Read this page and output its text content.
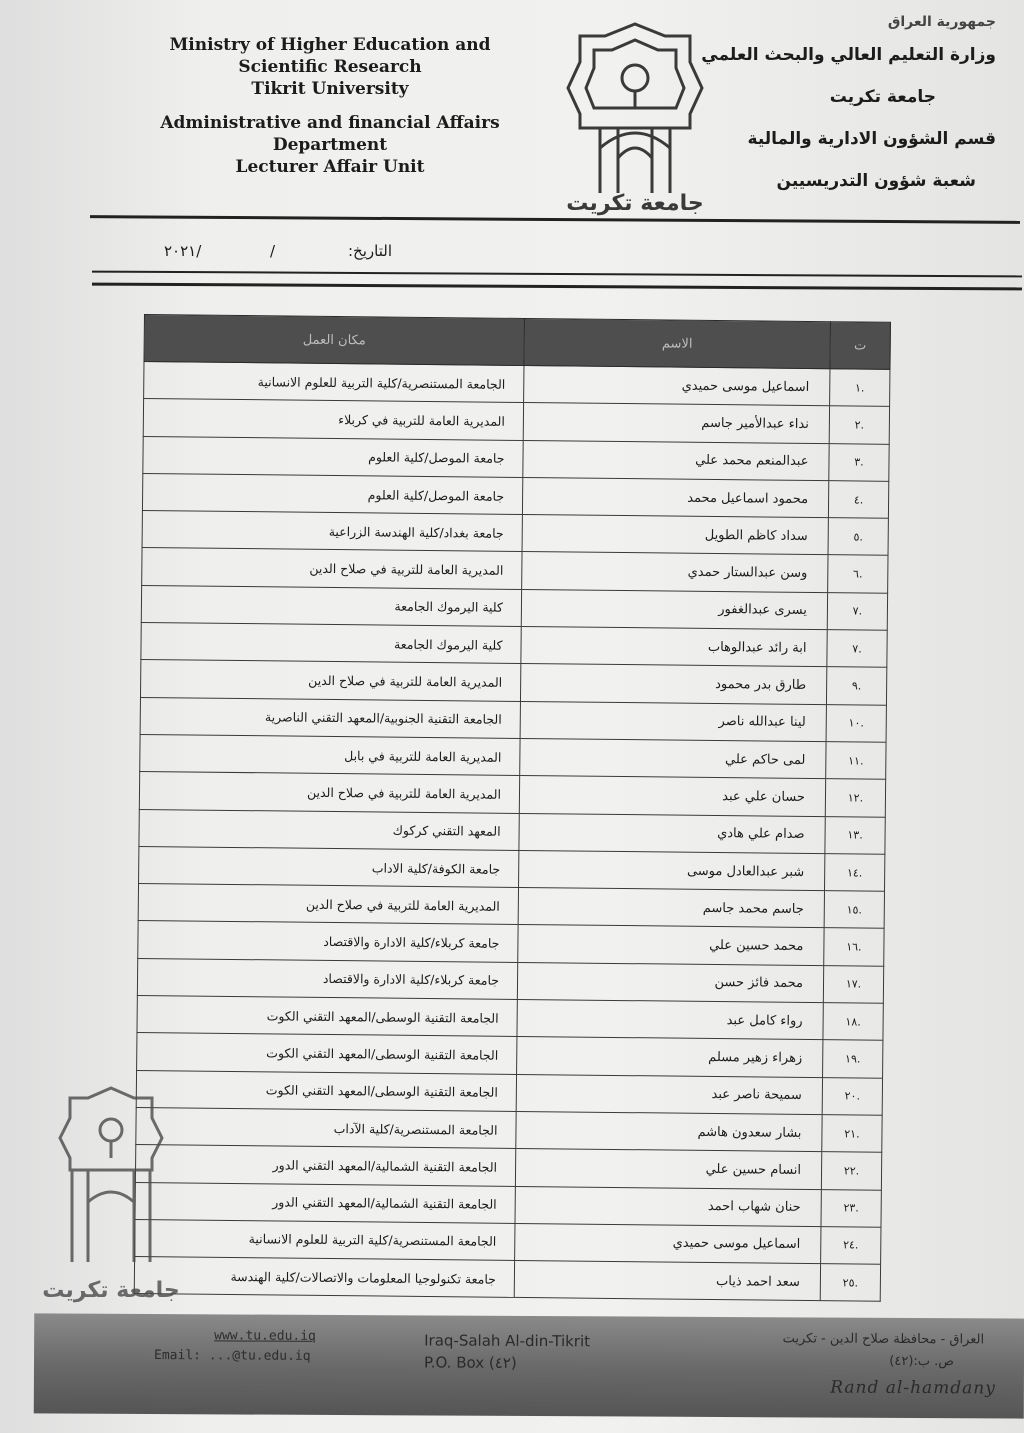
Ministry of Higher Education and
Scientific Research
Tikrit University
Administrative and financial Affairs
Department
Lecturer Affair Unit
جامعة تكريت
جمهورية العراق
وزارة التعليم العالي والبحث العلمي
جامعة تكريت
قسم الشؤون الادارية والمالية
شعبة شؤون التدريسيين
٢٠٢١/	/	التاريخ:
مكان العمل	الاسم	ت
الجامعة المستنصرية/كلية التربية للعلوم الانسانية	اسماعيل موسى حميدي	١.
المديرية العامة للتربية في كربلاء	نداء عبدالأمير جاسم	٢.
جامعة الموصل/كلية العلوم	عبدالمنعم محمد علي	٣.
جامعة الموصل/كلية العلوم	محمود اسماعيل محمد	٤.
جامعة بغداد/كلية الهندسة الزراعية	سداد كاظم الطويل	٥.
المديرية العامة للتربية في صلاح الدين	وسن عبدالستار حمدي	٦.
كلية اليرموك الجامعة	يسرى عبدالغفور	٧.
كلية اليرموك الجامعة	ابة رائد عبدالوهاب	٧.
المديرية العامة للتربية في صلاح الدين	طارق بدر محمود	٩.
الجامعة التقنية الجنوبية/المعهد التقني الناصرية	لينا عبدالله ناصر	١٠.
المديرية العامة للتربية في بابل	لمى حاكم علي	١١.
المديرية العامة للتربية في صلاح الدين	حسان علي عبد	١٢.
المعهد التقني كركوك	صدام علي هادي	١٣.
جامعة الكوفة/كلية الاداب	شبر عبدالعادل موسى	١٤.
المديرية العامة للتربية في صلاح الدين	جاسم محمد جاسم	١٥.
جامعة كربلاء/كلية الادارة والاقتصاد	محمد حسين علي	١٦.
جامعة كربلاء/كلية الادارة والاقتصاد	محمد فائز حسن	١٧.
الجامعة التقنية الوسطى/المعهد التقني الكوت	رواء كامل عبد	١٨.
الجامعة التقنية الوسطى/المعهد التقني الكوت	زهراء زهير مسلم	١٩.
الجامعة التقنية الوسطى/المعهد التقني الكوت	سميحة ناصر عبد	٢٠.
الجامعة المستنصرية/كلية الآداب	بشار سعدون هاشم	٢١.
الجامعة التقنية الشمالية/المعهد التقني الدور	انسام حسين علي	٢٢.
الجامعة التقنية الشمالية/المعهد التقني الدور	حنان شهاب احمد	٢٣.
الجامعة المستنصرية/كلية التربية للعلوم الانسانية	اسماعيل موسى حميدي	٢٤.
جامعة تكنولوجيا المعلومات والاتصالات/كلية الهندسة	سعد احمد ذياب	٢٥.
جامعة تكريت
www.tu.edu.iq
Email: ...@tu.edu.iq
Iraq-Salah Al-din-Tikrit
P.O. Box (٤٢)
العراق - محافظة صلاح الدين - تكريت
ص. ب:(٤٢)
Rand al-hamdany
